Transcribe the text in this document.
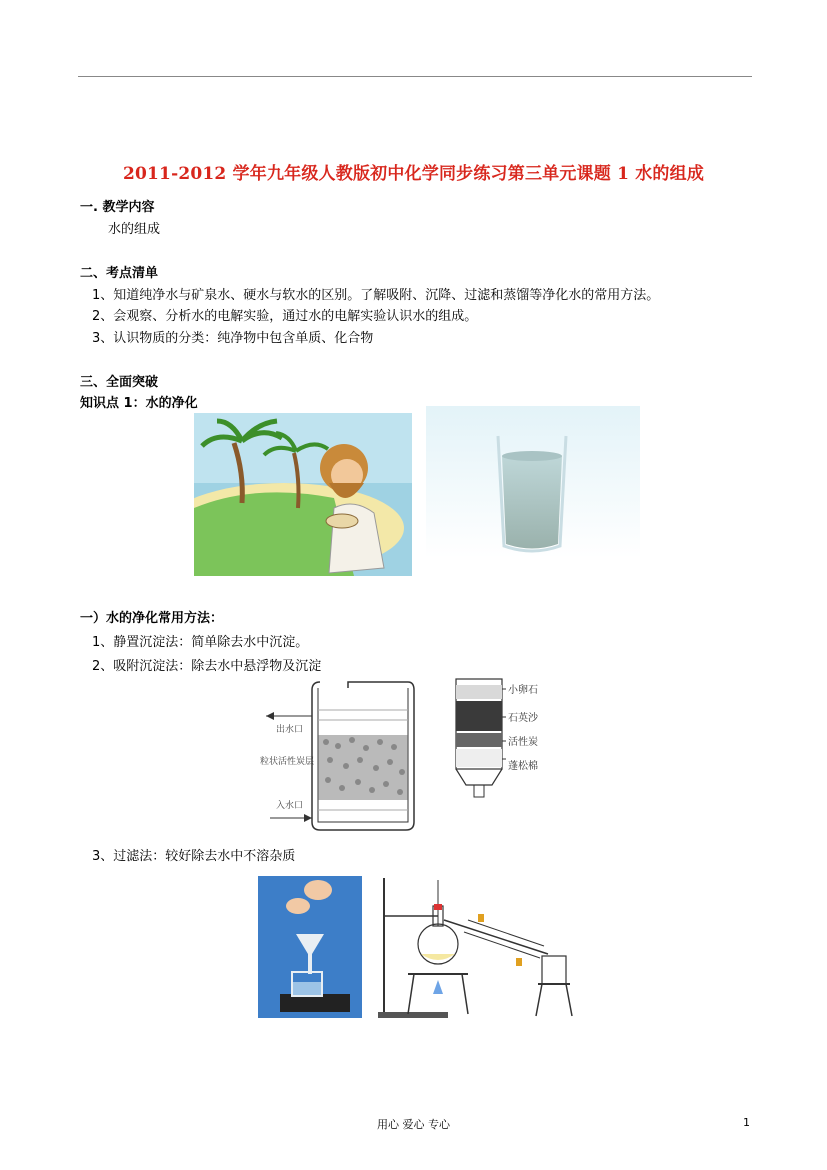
2011-2012 学年九年级人教版初中化学同步练习第三单元课题 1 水的组成
一. 教学内容
水的组成
二、考点清单
1、知道纯净水与矿泉水、硬水与软水的区别。了解吸附、沉降、过滤和蒸馏等净化水的常用方法。
2、会观察、分析水的电解实验，通过水的电解实验认识水的组成。
3、认识物质的分类：纯净物中包含单质、化合物
三、全面突破
知识点 1：水的净化
一）水的净化常用方法：
1、静置沉淀法：简单除去水中沉淀。
2、吸附沉淀法：除去水中悬浮物及沉淀
出水口
粒状活性炭层
入水口
小卵石
石英沙
活性炭
蓬松棉
3、过滤法：较好除去水中不溶杂质
用心 爱心 专心	1
